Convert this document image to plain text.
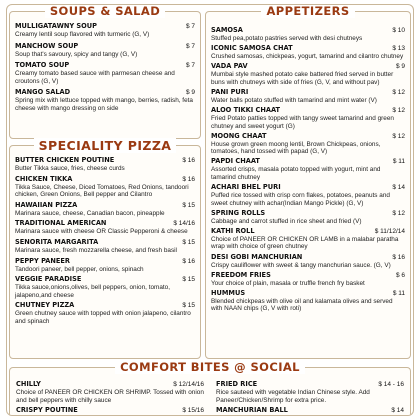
SOUPS & SALAD
MULLIGATAWNY SOUP	$ 7
Creamy lentil soup flavored with turmeric (G, V)
MANCHOW SOUP	$ 7
Soup that's savoury, spicy and tangy (G, V)
TOMATO SOUP	$ 7
Creamy tomato based sauce with parmesan cheese and croutons (G, V)
MANGO SALAD	$ 9
Spring mix with lettuce topped with mango, berries, radish, feta cheese with mango dressing on side
SPECIALITY PIZZA
BUTTER CHICKEN POUTINE	$ 16
Butter Tikka sauce, fries, cheese curds
CHICKEN TIKKA	$ 16
Tikka Sauce, Cheese, Diced Tomatoes, Red Onions, tandoori chicken, Green Onions, Bell pepper and Cilantro
HAWAIIAN PIZZA	$ 15
Marinara sauce, cheese, Canadian bacon, pineapple
TRADITIONAL AMERICAN	$ 14/16
Marinara sauce with cheese OR Classic Pepperoni & cheese
SENORITA MARGARITA	$ 15
Marinara sauce, fresh mozzarella cheese, and fresh basil
PEPPY PANEER	$ 16
Tandoori paneer, bell pepper, onions, spinach
VEGGIE PARADISE	$ 15
Tikka sauce,onions,olives, bell peppers, onion, tomato, jalapeno,and cheese
CHUTNEY PIZZA	$ 15
Green chutney sauce with topped with onion jalapeno, cilantro and spinach
APPETIZERS
SAMOSA	$ 10
Stuffed pea,potato pastries served with desi chutneys
ICONIC SAMOSA CHAT	$ 13
Crushed samosas, chickpeas, yogurt, tamarind and cilantro chutney
VADA PAV	$ 9
Mumbai style mashed potato cake battered fried served in butter buns with chutneys with side of fries (G, V, and without pav)
PANI PURI	$ 12
Water balls potato stuffed with tamarind and mint water (V)
ALOO TIKKI CHAAT	$ 12
Fried Potato patties topped with tangy sweet tamarind and green chutney and sweet yogurt (G)
MOONG CHAAT	$ 12
House grown green moong lentil, Brown Chickpeas, onions, tomatoes, hand tossed with papad (G, V)
PAPDI CHAAT	$ 11
Assorted crisps, masala potato topped with yogurt, mint and tamarind chutney
ACHARI BHEL PURI	$ 14
Puffed rice tossed with crisp corn flakes, potatoes, peanuts and sweet chutney with achar(Indian Mango Pickle) (G, V)
SPRING ROLLS	$ 12
Cabbage and carrot stuffed in rice sheet and fried (V)
KATHI ROLL	$ 11/12/14
Choice of PANEER OR CHICKEN OR LAMB in a malabar paratha wrap with choice of green chutney
DESI GOBI MANCHURIAN	$ 16
Crispy cauliflower with sweet & tangy manchurian sauce. (G, V)
FREEDOM FRIES	$ 6
Your choice of plain, masala or truffle french fry basket
HUMMUS	$ 11
Blended chickpeas with olive oil and kalamata olives and served with NAAN chips (G, V with roti)
COMFORT BITES @ SOCIAL
CHILLY	$ 12/14/16
Choice of PANEER OR CHICKEN OR SHRIMP. Tossed with onion and bell peppers with chilly sauce
CRISPY POUTINE	$ 15/16
FRIED RICE	$ 14 - 16
Rice sauteed with vegetable Indian Chinese style. Add Paneer/Chicken/Shrimp for extra price.
MANCHURIAN BALL	$ 14
